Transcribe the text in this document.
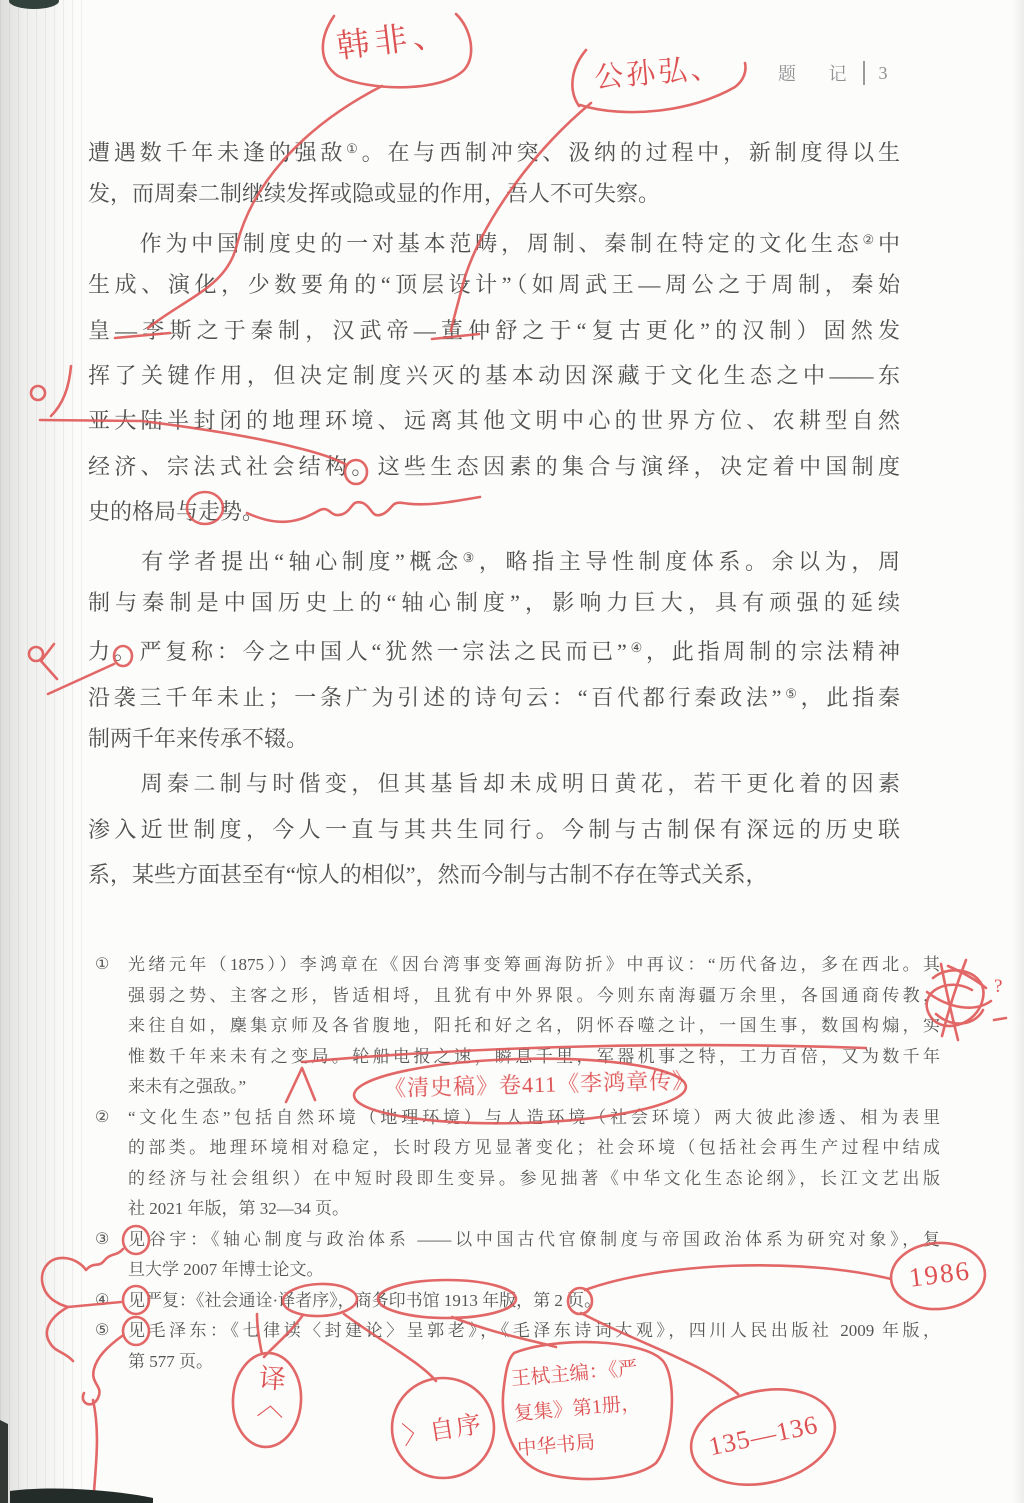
题 记 3
遭遇数千年未逢的强敌①。在与西制冲突、汲纳的过程中，新制度得以生
发，而周秦二制继续发挥或隐或显的作用，吾人不可失察。
　　作为中国制度史的一对基本范畴，周制、秦制在特定的文化生态②中
生成、演化，少数要角的“顶层设计”（如周武王—周公之于周制，秦始
皇—李斯之于秦制，汉武帝—董仲舒之于“复古更化”的汉制）固然发
挥了关键作用，但决定制度兴灭的基本动因深藏于文化生态之中——东
亚大陆半封闭的地理环境、远离其他文明中心的世界方位、农耕型自然
经济、宗法式社会结构。这些生态因素的集合与演绎，决定着中国制度
史的格局与走势。
　　有学者提出“轴心制度”概念③，略指主导性制度体系。余以为，周
制与秦制是中国历史上的“轴心制度”，影响力巨大，具有顽强的延续
力。严复称：今之中国人“犹然一宗法之民而已”④，此指周制的宗法精神
沿袭三千年未止；一条广为引述的诗句云：“百代都行秦政法”⑤，此指秦
制两千年来传承不辍。
　　周秦二制与时偕变，但其基旨却未成明日黄花，若干更化着的因素
渗入近世制度，今人一直与其共生同行。今制与古制保有深远的历史联
系，某些方面甚至有“惊人的相似”，然而今制与古制不存在等式关系，
① 光绪元年（1875））李鸿章在《因台湾事变筹画海防折》中再议：“历代备边，多在西北。其
强弱之势、主客之形，皆适相埒，且犹有中外界限。今则东南海疆万余里，各国通商传教，
来往自如，麇集京师及各省腹地，阳托和好之名，阴怀吞噬之计，一国生事，数国构煽，实
惟数千年来未有之变局。轮船电报之速，瞬息千里，军器机事之特，工力百倍，又为数千年
来未有之强敌。”
② “文化生态”包括自然环境（地理环境）与人造环境（社会环境）两大彼此渗透、相为表里
的部类。地理环境相对稳定，长时段方见显著变化；社会环境（包括社会再生产过程中结成
的经济与社会组织）在中短时段即生变异。参见拙著《中华文化生态论纲》，长江文艺出版
社 2021 年版，第 32—34 页。
③ 见谷宇：《轴心制度与政治体系 ——以中国古代官僚制度与帝国政治体系为研究对象》，复
旦大学 2007 年博士论文。
④ 见严复：《社会通诠·译者序》，商务印书馆 1913 年版，第 2 页。
⑤ 见毛泽东：《七律读〈封建论〉呈郭老》，《毛泽东诗词大观》，四川人民出版社 2009 年版，
第 577 页。
韩非、
公孙弘、
《清史稿》卷411《李鸿章传》
译〈
〉自序
王栻主编：《严复集》第1册，中华书局	135—136
1986
?
